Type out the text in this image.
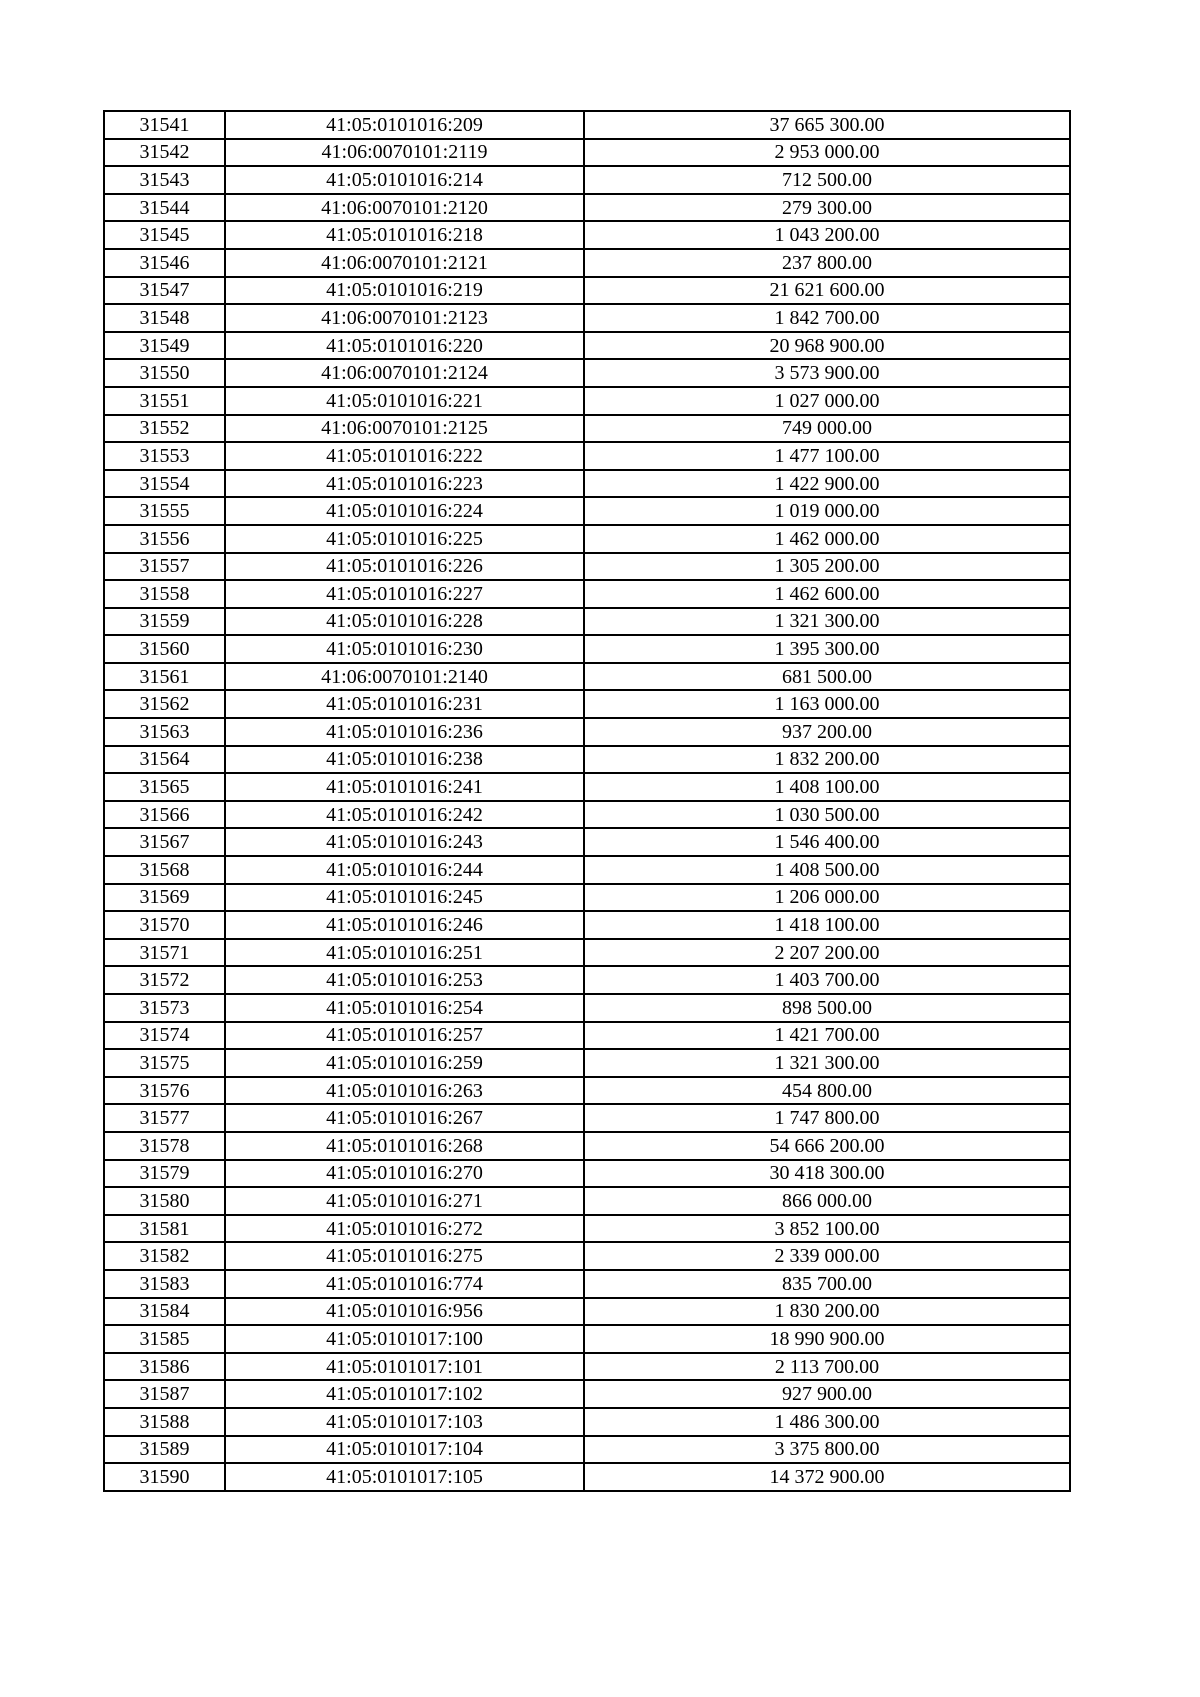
31541	41:05:0101016:209	37 665 300.00
31542	41:06:0070101:2119	2 953 000.00
31543	41:05:0101016:214	712 500.00
31544	41:06:0070101:2120	279 300.00
31545	41:05:0101016:218	1 043 200.00
31546	41:06:0070101:2121	237 800.00
31547	41:05:0101016:219	21 621 600.00
31548	41:06:0070101:2123	1 842 700.00
31549	41:05:0101016:220	20 968 900.00
31550	41:06:0070101:2124	3 573 900.00
31551	41:05:0101016:221	1 027 000.00
31552	41:06:0070101:2125	749 000.00
31553	41:05:0101016:222	1 477 100.00
31554	41:05:0101016:223	1 422 900.00
31555	41:05:0101016:224	1 019 000.00
31556	41:05:0101016:225	1 462 000.00
31557	41:05:0101016:226	1 305 200.00
31558	41:05:0101016:227	1 462 600.00
31559	41:05:0101016:228	1 321 300.00
31560	41:05:0101016:230	1 395 300.00
31561	41:06:0070101:2140	681 500.00
31562	41:05:0101016:231	1 163 000.00
31563	41:05:0101016:236	937 200.00
31564	41:05:0101016:238	1 832 200.00
31565	41:05:0101016:241	1 408 100.00
31566	41:05:0101016:242	1 030 500.00
31567	41:05:0101016:243	1 546 400.00
31568	41:05:0101016:244	1 408 500.00
31569	41:05:0101016:245	1 206 000.00
31570	41:05:0101016:246	1 418 100.00
31571	41:05:0101016:251	2 207 200.00
31572	41:05:0101016:253	1 403 700.00
31573	41:05:0101016:254	898 500.00
31574	41:05:0101016:257	1 421 700.00
31575	41:05:0101016:259	1 321 300.00
31576	41:05:0101016:263	454 800.00
31577	41:05:0101016:267	1 747 800.00
31578	41:05:0101016:268	54 666 200.00
31579	41:05:0101016:270	30 418 300.00
31580	41:05:0101016:271	866 000.00
31581	41:05:0101016:272	3 852 100.00
31582	41:05:0101016:275	2 339 000.00
31583	41:05:0101016:774	835 700.00
31584	41:05:0101016:956	1 830 200.00
31585	41:05:0101017:100	18 990 900.00
31586	41:05:0101017:101	2 113 700.00
31587	41:05:0101017:102	927 900.00
31588	41:05:0101017:103	1 486 300.00
31589	41:05:0101017:104	3 375 800.00
31590	41:05:0101017:105	14 372 900.00
